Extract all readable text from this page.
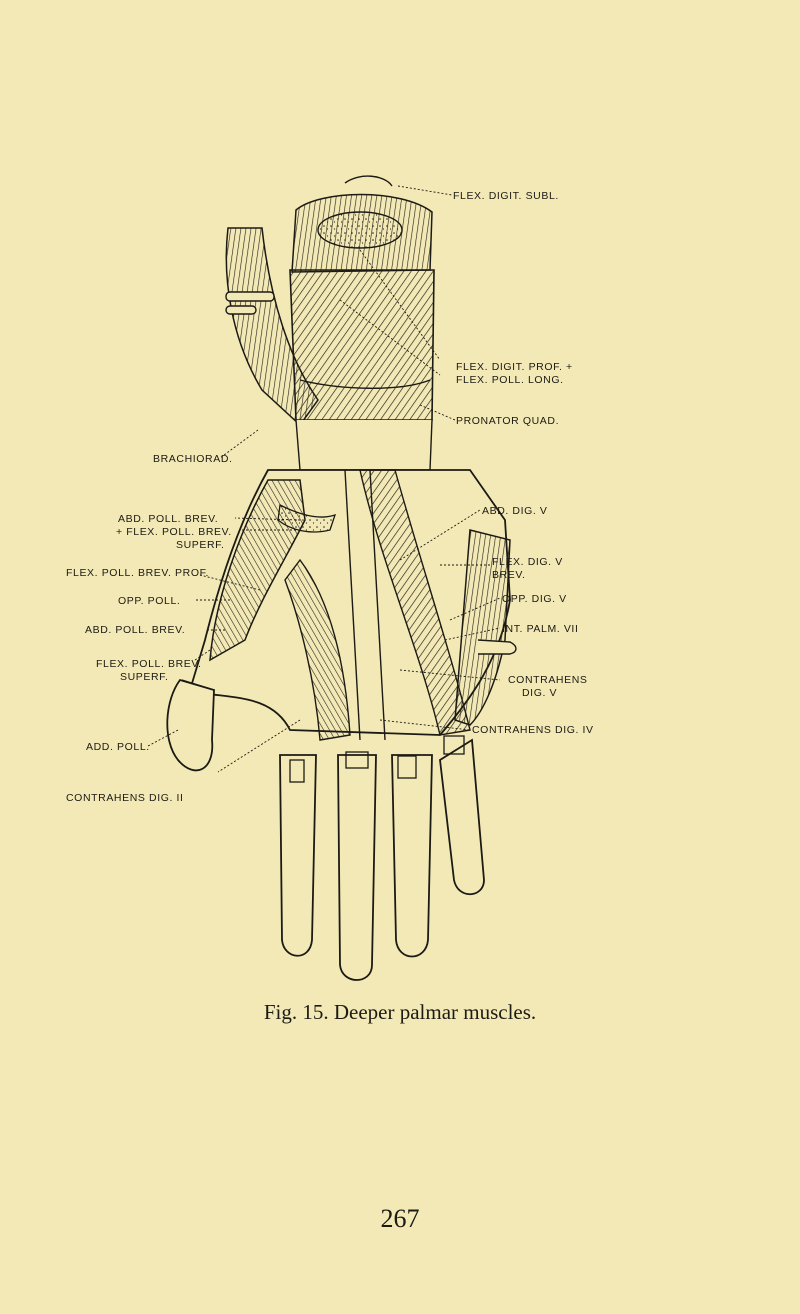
FLEX. DIGIT. SUBL.
FLEX. DIGIT. PROF. +
FLEX. POLL. LONG.
PRONATOR QUAD.
BRACHIORAD.
ABD. POLL. BREV.
+ FLEX. POLL. BREV.
SUPERF.
FLEX. POLL. BREV. PROF.
OPP. POLL.
ABD. POLL. BREV.
FLEX. POLL. BREV.
SUPERF.
ADD. POLL.
CONTRAHENS DIG. II
ABD. DIG. V
FLEX. DIG. V
BREV.
OPP. DIG. V
INT. PALM. VII
CONTRAHENS
DIG. V
CONTRAHENS DIG. IV
Fig. 15. Deeper palmar muscles.
267
